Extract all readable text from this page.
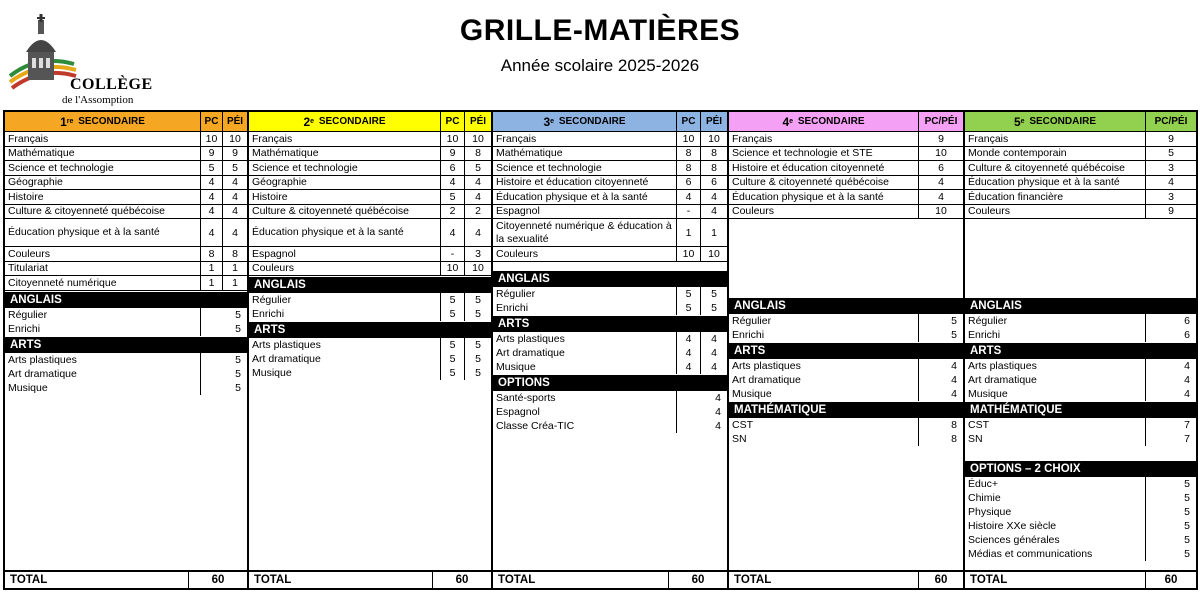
COLLÈGE
de l'Assomption
GRILLE-MATIÈRES
Année scolaire 2025-2026
1 re
SECONDAIRE	PC PÉI
Français	10	10
Mathématique	9	9
Science et technologie	5	5
Géographie	4	4
Histoire	4	4
Culture & citoyenneté québécoise	4	4
Éducation physique et à la santé	4	4
Couleurs	8	8
Titulariat	1	1
Citoyenneté numérique	1	1
ANGLAIS
Régulier	5
Enrichi	5
ARTS
Arts plastiques	5
Art dramatique	5
Musique	5
TOTAL	60
2 e
SECONDAIRE	PC	PÉI
Français	10	10
Mathématique	9	8
Science et technologie	6	5
Géographie	4	4
Histoire	5	4
Culture & citoyenneté québécoise	2	2
Éducation physique et à la santé	4	4
Espagnol	-	3
Couleurs	10	10
ANGLAIS
Régulier	5	5
Enrichi	5	5
ARTS
Arts plastiques	5	5
Art dramatique	5	5
Musique	5	5
TOTAL	60
3 e
SECONDAIRE	PC	PÉI
Français	10	10
Mathématique	8	8
Science et technologie	8	8
Histoire et éducation citoyenneté	6	6
Éducation physique et à la santé	4	4
Espagnol	-	4
Citoyenneté numérique & éducation à la sexualité	1	1
Couleurs	10	10
ANGLAIS
Régulier	5	5
Enrichi	5	5
ARTS
Arts plastiques	4	4
Art dramatique	4	4
Musique	4	4
OPTIONS
Santé-sports	4
Espagnol	4
Classe Créa-TIC	4
TOTAL	60
4 e
SECONDAIRE	PC/PÉI
Français	9
Science et technologie et STE	10
Histoire et éducation citoyenneté	6
Culture & citoyenneté québécoise	4
Éducation physique et à la santé	4
Couleurs	10
ANGLAIS
Régulier	5
Enrichi	5
ARTS
Arts plastiques	4
Art dramatique	4
Musique	4
MATHÉMATIQUE
CST	8
SN	8
TOTAL	60
5 e
SECONDAIRE	PC/PÉI
Français	9
Monde contemporain	5
Culture & citoyenneté québécoise	3
Éducation physique et à la santé	4
Éducation financière	3
Couleurs	9
ANGLAIS
Régulier	6
Enrichi	6
ARTS
Arts plastiques	4
Art dramatique	4
Musique	4
MATHÉMATIQUE
CST	7
SN	7
OPTIONS – 2 CHOIX
Éduc+	5
Chimie	5
Physique	5
Histoire XXe siècle	5
Sciences générales	5
Médias et communications	5
TOTAL	60
